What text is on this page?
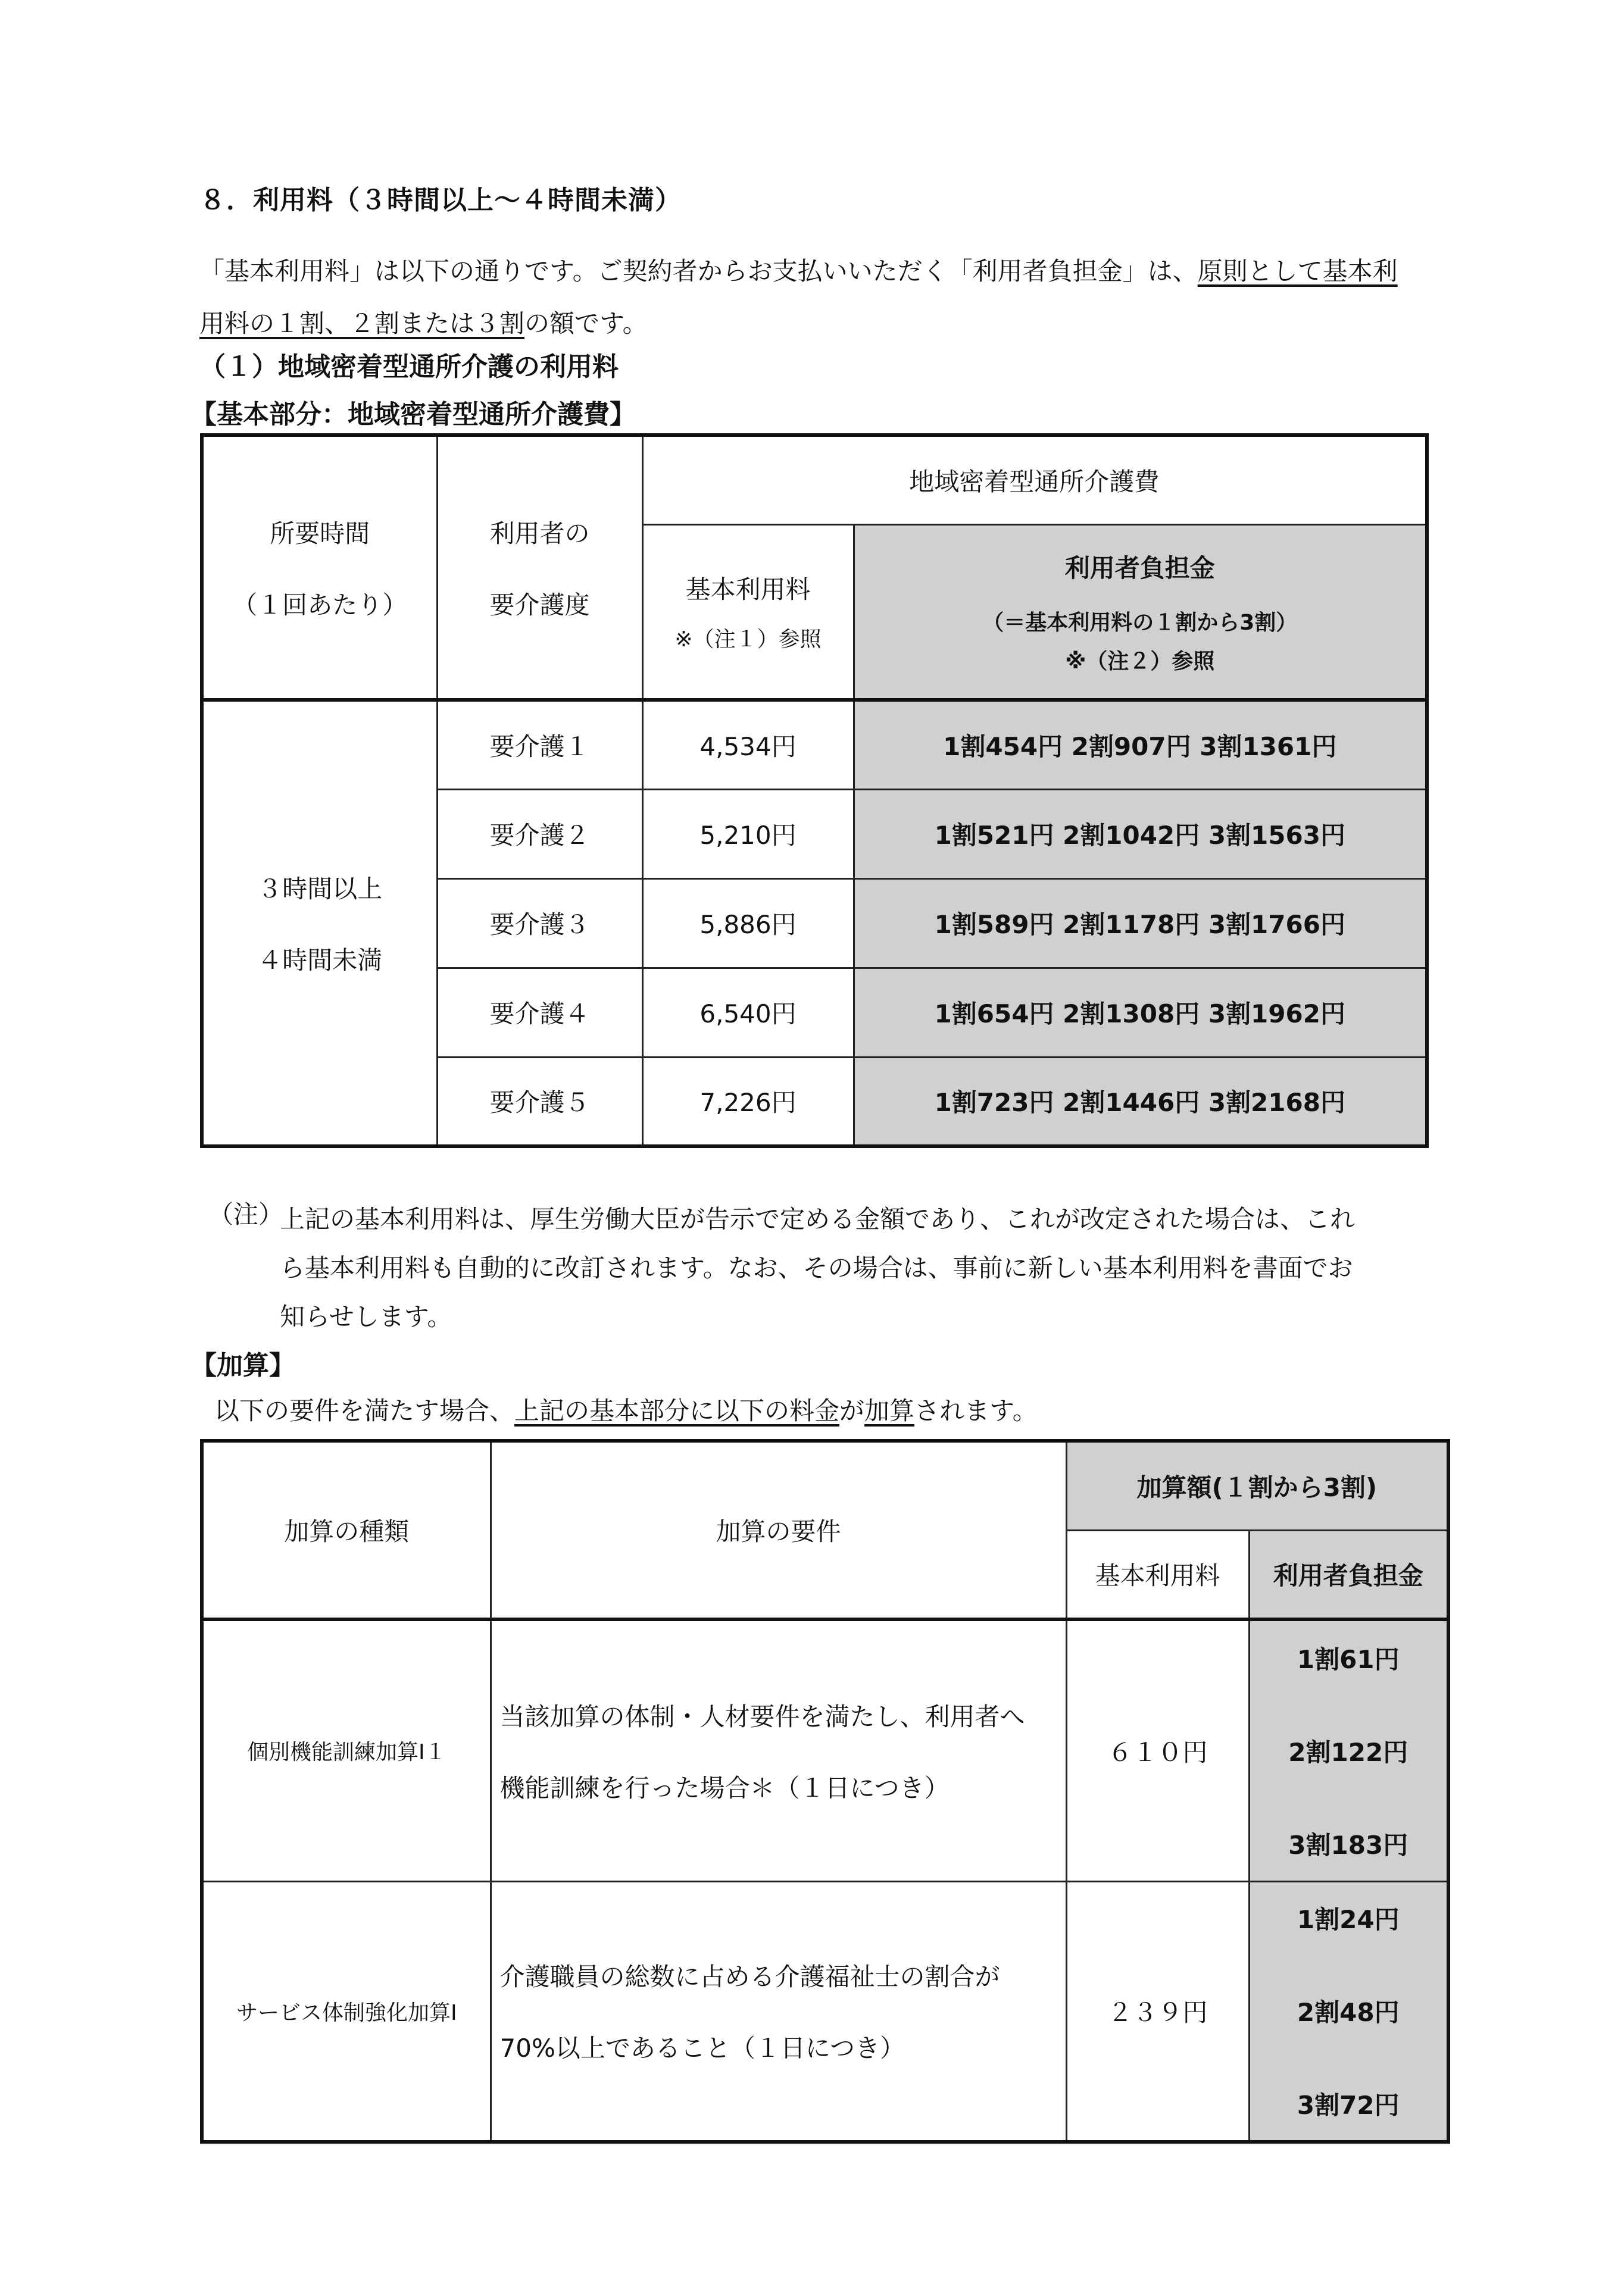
８．利用料（３時間以上～４時間未満）
「基本利用料」は以下の通りです。ご契約者からお支払いいただく「利用者負担金」は、原則として基本利
用料の１割、２割または３割の額です。
（１）地域密着型通所介護の利用料
【基本部分：地域密着型通所介護費】
所要時間
（１回あたり）	利用者の
要介護度	地域密着型通所介護費	

		基本利用料
※（注１）参照	利用者負担金
（＝基本利用料の１割から3割）
※（注２）参照

３時間以上
４時間未満	要介護１	4,534円	1割454円 2割907円 3割1361円
	要介護２	5,210円	1割521円 2割1042円 3割1563円
	要介護３	5,886円	1割589円 2割1178円 3割1766円
	要介護４	6,540円	1割654円 2割1308円 3割1962円
	要介護５	7,226円	1割723円 2割1446円 3割2168円
（注）
上記の基本利用料は、厚生労働大臣が告示で定める金額であり、これが改定された場合は、これ
ら基本利用料も自動的に改訂されます。なお、その場合は、事前に新しい基本利用料を書面でお
知らせします。
【加算】
以下の要件を満たす場合、上記の基本部分に以下の料金が加算されます。
加算の種類	加算の要件	加算額(１割から3割)	
		基本利用料	利用者負担金
個別機能訓練加算Ⅰ１	当該加算の体制・人材要件を満たし、利用者へ
機能訓練を行った場合＊（１日につき）	６１０円	1割61円
2割122円
3割183円

サービス体制強化加算Ⅰ	介護職員の総数に占める介護福祉士の割合が
70%以上であること（１日につき）	２３９円	1割24円
2割48円
3割72円
